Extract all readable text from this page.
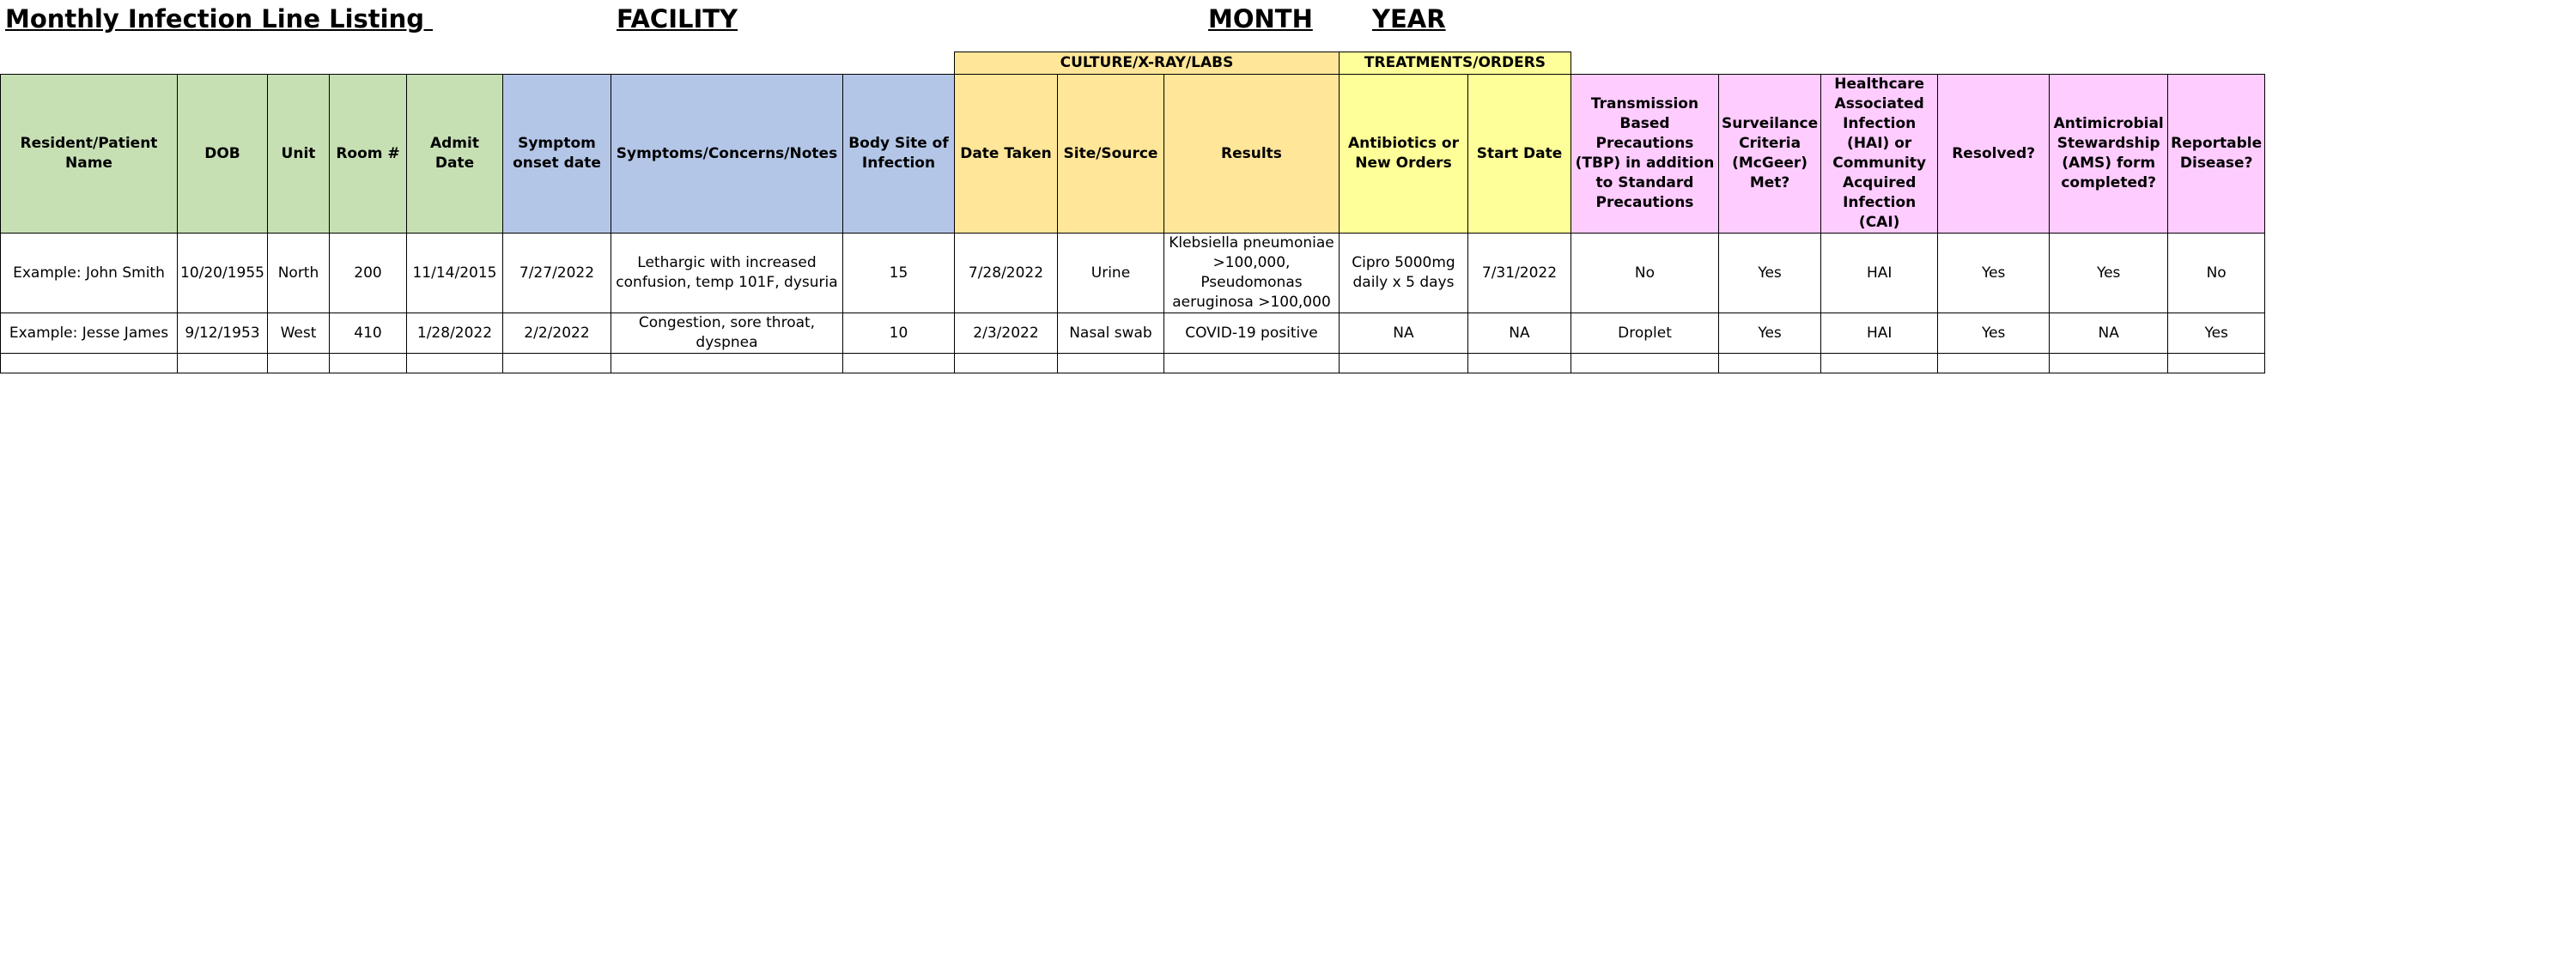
Monthly Infection Line Listing	FACILITY	MONTH YEAR
								CULTURE/X-RAY/LABS			TREATMENTS/ORDERS							
Resident/Patient Name	DOB	Unit	Room #	Admit Date	Symptom onset date	Symptoms/Concerns/Notes	Body Site of Infection	Date Taken	Site/Source	Results	Antibiotics or New Orders	Start Date	Transmission Based Precautions (TBP) in addition to Standard Precautions	Surveilance Criteria (McGeer) Met?	Healthcare Associated Infection (HAI) or Community Acquired Infection (CAI)	Resolved?	Antimicrobial Stewardship (AMS) form completed?	Reportable Disease?
Example: John Smith	10/20/1955	North	200	11/14/2015	7/27/2022	Lethargic with increased confusion, temp 101F, dysuria	15	7/28/2022	Urine	Klebsiella pneumoniae >100,000, Pseudomonas aeruginosa >100,000	Cipro 5000mg daily x 5 days	7/31/2022	No	Yes	HAI	Yes	Yes	No
Example: Jesse James	9/12/1953	West	410	1/28/2022	2/2/2022	Congestion, sore throat, dyspnea	10	2/3/2022	Nasal swab	COVID-19 positive	NA	NA	Droplet	Yes	HAI	Yes	NA	Yes
